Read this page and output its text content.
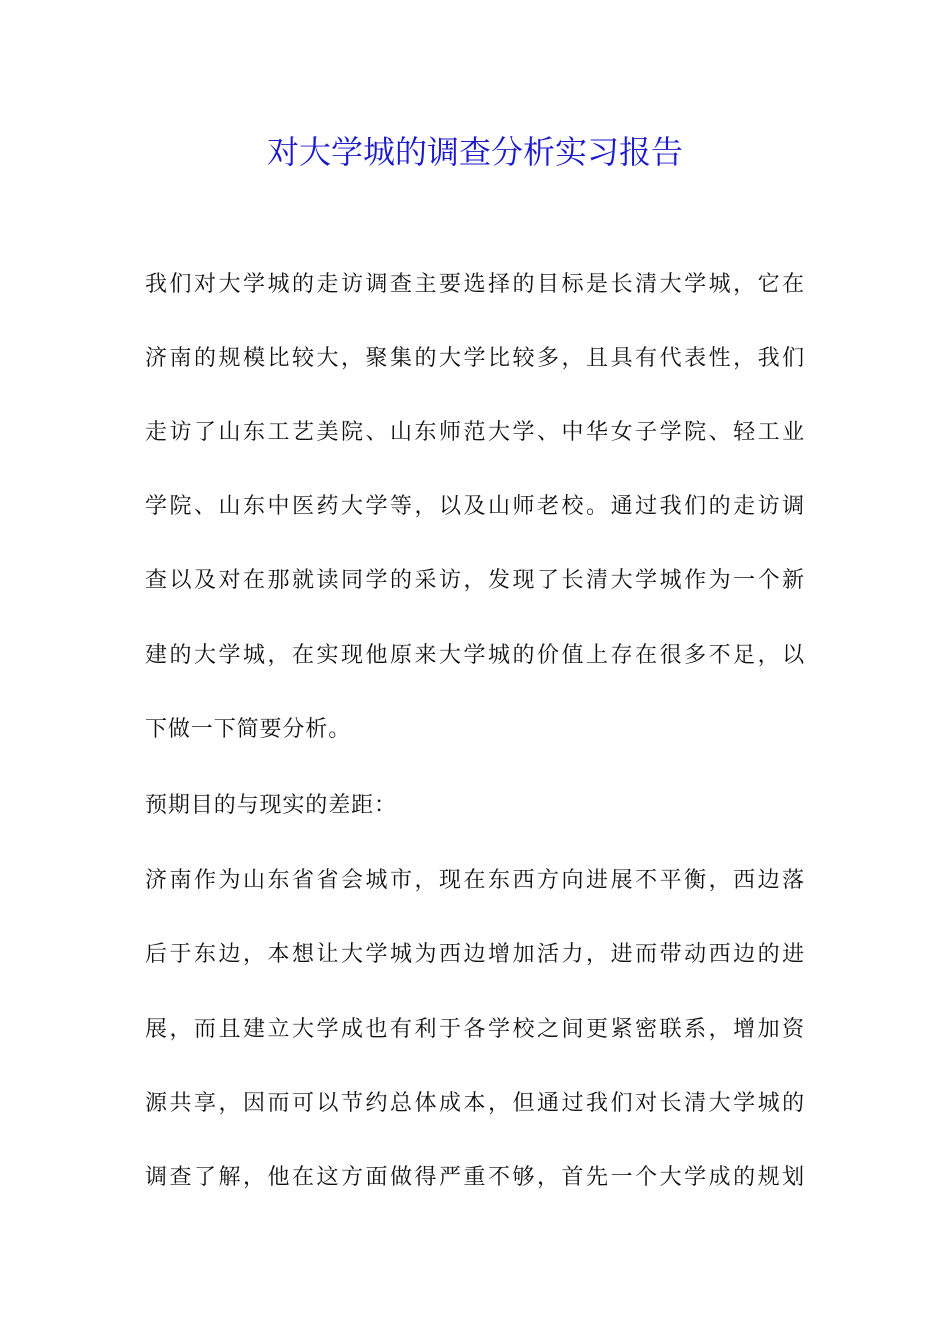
对大学城的调查分析实习报告
我们对大学城的走访调查主要选择的目标是长清大学城，它在
济南的规模比较大，聚集的大学比较多，且具有代表性，我们
走访了山东工艺美院、山东师范大学、中华女子学院、轻工业
学院、山东中医药大学等，以及山师老校。通过我们的走访调
查以及对在那就读同学的采访，发现了长清大学城作为一个新
建的大学城，在实现他原来大学城的价值上存在很多不足，以
下做一下简要分析。
预期目的与现实的差距：
济南作为山东省省会城市，现在东西方向进展不平衡，西边落
后于东边，本想让大学城为西边增加活力，进而带动西边的进
展，而且建立大学成也有利于各学校之间更紧密联系，增加资
源共享，因而可以节约总体成本，但通过我们对长清大学城的
调查了解，他在这方面做得严重不够，首先一个大学成的规划
